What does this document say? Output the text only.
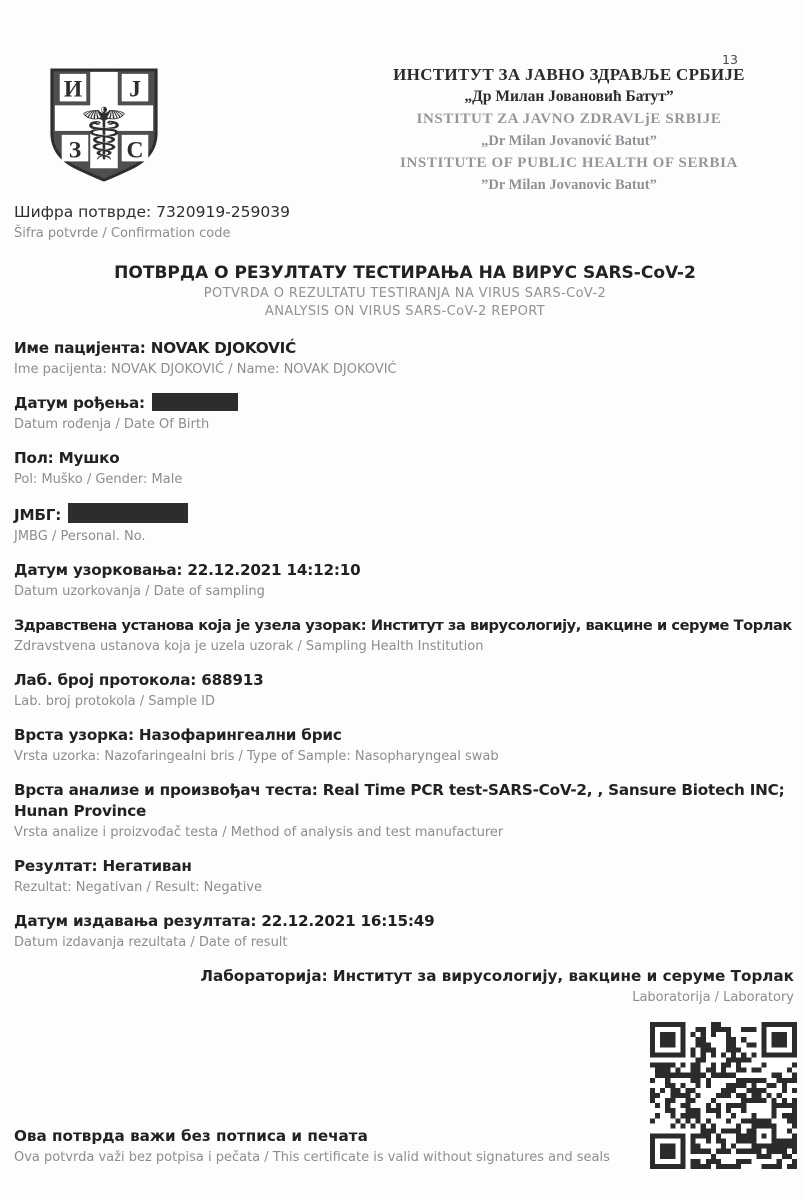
13
И Ј
З С
☤
ИНСТИТУТ ЗА ЈАВНО ЗДРАВЉЕ СРБИЈЕ
„Др Милан Јовановић Батут”
INSTITUT ZA JAVNO ZDRAVLjE SRBIJE
„Dr Milan Jovanović Batut”
INSTITUTE OF PUBLIC HEALTH OF SERBIA
”Dr Milan Jovanovic Batut”
Шифра потврде: 7320919-259039
Šifra potvrde / Confirmation code
ПОТВРДА О РЕЗУЛТАТУ ТЕСТИРАЊА НА ВИРУС SARS-CoV-2
POTVRDA O REZULTATU TESTIRANJA NA VIRUS SARS-CoV-2
ANALYSIS ON VIRUS SARS-CoV-2 REPORT
Име пацијента: NOVAK DJOKOVIĆ
Ime pacijenta: NOVAK DJOKOVIĆ / Name: NOVAK DJOKOVIĆ
Датум рођења:
Datum rođenja / Date Of Birth
Пол: Мушко
Pol: Muško / Gender: Male
ЈМБГ:
JMBG / Personal. No.
Датум узорковања: 22.12.2021 14:12:10
Datum uzorkovanja / Date of sampling
Здравствена установа која је узела узорак: Институт за вирусологију, вакцине и серуме Торлак
Zdravstvena ustanova koja je uzela uzorak / Sampling Health Institution
Лаб. број протокола: 688913
Lab. broj protokola / Sample ID
Врста узорка: Назофарингеални брис
Vrsta uzorka: Nazofaringealni bris / Type of Sample: Nasopharyngeal swab
Врста анализе и произвођач теста: Real Time PCR test-SARS-CoV-2, , Sansure Biotech INC; Hunan Province
Vrsta analize i proizvođač testa / Method of analysis and test manufacturer
Резултат: Негативан
Rezultat: Negativan / Result: Negative
Датум издавања резултата: 22.12.2021 16:15:49
Datum izdavanja rezultata / Date of result
Лабораторија: Институт за вирусологију, вакцине и серуме Торлак
Laboratorija / Laboratory
Ова потврда важи без потписа и печата
Ova potvrda važi bez potpisa i pečata / This certificate is valid without signatures and seals
